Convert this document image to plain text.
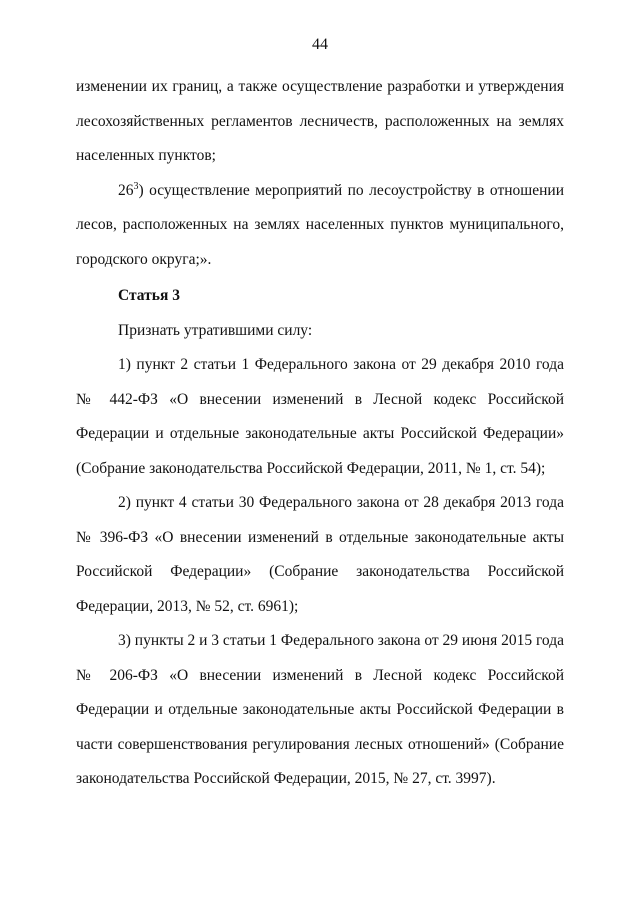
44

изменении их границ, а также осуществление разработки и утверждения лесохозяйственных регламентов лесничеств, расположенных на землях населенных пунктов;

$26^3$) осуществление мероприятий по лесоустройству в отношении лесов, расположенных на землях населенных пунктов муниципального, городского округа;».

Статья 3

Признать утратившими силу:

1) пункт 2 статьи 1 Федерального закона от 29 декабря 2010 года № 442-ФЗ «О внесении изменений в Лесной кодекс Российской Федерации и отдельные законодательные акты Российской Федерации» (Собрание законодательства Российской Федерации, 2011, № 1, ст. 54);

2) пункт 4 статьи 30 Федерального закона от 28 декабря 2013 года № 396-ФЗ «О внесении изменений в отдельные законодательные акты Российской Федерации» (Собрание законодательства Российской Федерации, 2013, № 52, ст. 6961);

3) пункты 2 и 3 статьи 1 Федерального закона от 29 июня 2015 года № 206-ФЗ «О внесении изменений в Лесной кодекс Российской Федерации и отдельные законодательные акты Российской Федерации в части совершенствования регулирования лесных отношений» (Собрание законодательства Российской Федерации, 2015, № 27, ст. 3997).
